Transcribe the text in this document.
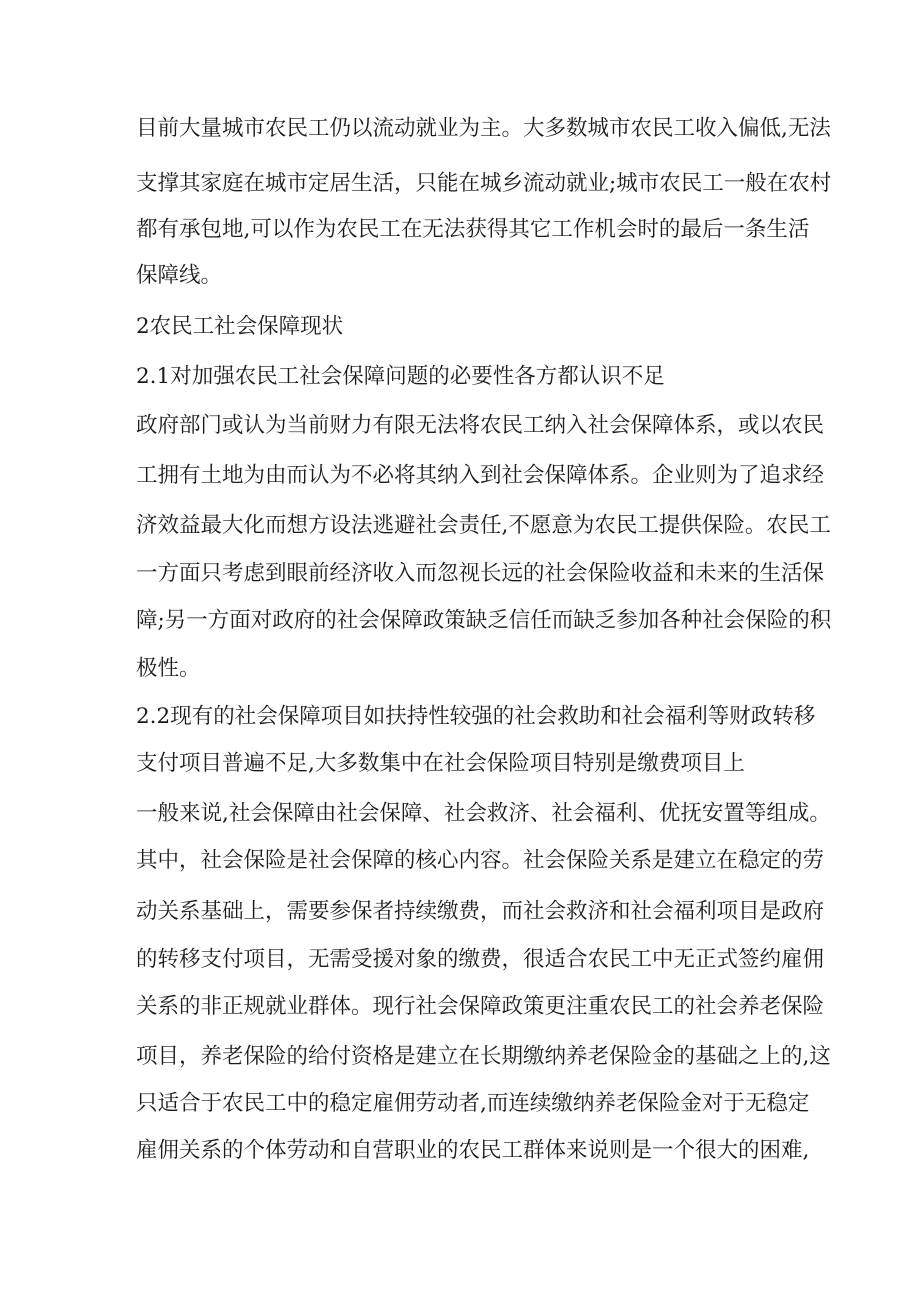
目前大量城市农民工仍以流动就业为主。大多数城市农民工收入偏低,无法

支撑其家庭在城市定居生活，只能在城乡流动就业;城市农民工一般在农村

都有承包地,可以作为农民工在无法获得其它工作机会时的最后一条生活

保障线。

2农民工社会保障现状

2.1对加强农民工社会保障问题的必要性各方都认识不足

政府部门或认为当前财力有限无法将农民工纳入社会保障体系，或以农民

工拥有土地为由而认为不必将其纳入到社会保障体系。企业则为了追求经

济效益最大化而想方设法逃避社会责任,不愿意为农民工提供保险。农民工

一方面只考虑到眼前经济收入而忽视长远的社会保险收益和未来的生活保

障;另一方面对政府的社会保障政策缺乏信任而缺乏参加各种社会保险的积

极性。

2.2现有的社会保障项目如扶持性较强的社会救助和社会福利等财政转移

支付项目普遍不足,大多数集中在社会保险项目特别是缴费项目上

一般来说,社会保障由社会保障、社会救济、社会福利、优抚安置等组成。

其中，社会保险是社会保障的核心内容。社会保险关系是建立在稳定的劳

动关系基础上，需要参保者持续缴费，而社会救济和社会福利项目是政府

的转移支付项目，无需受援对象的缴费，很适合农民工中无正式签约雇佣

关系的非正规就业群体。现行社会保障政策更注重农民工的社会养老保险

项目，养老保险的给付资格是建立在长期缴纳养老保险金的基础之上的,这

只适合于农民工中的稳定雇佣劳动者,而连续缴纳养老保险金对于无稳定

雇佣关系的个体劳动和自营职业的农民工群体来说则是一个很大的困难,
